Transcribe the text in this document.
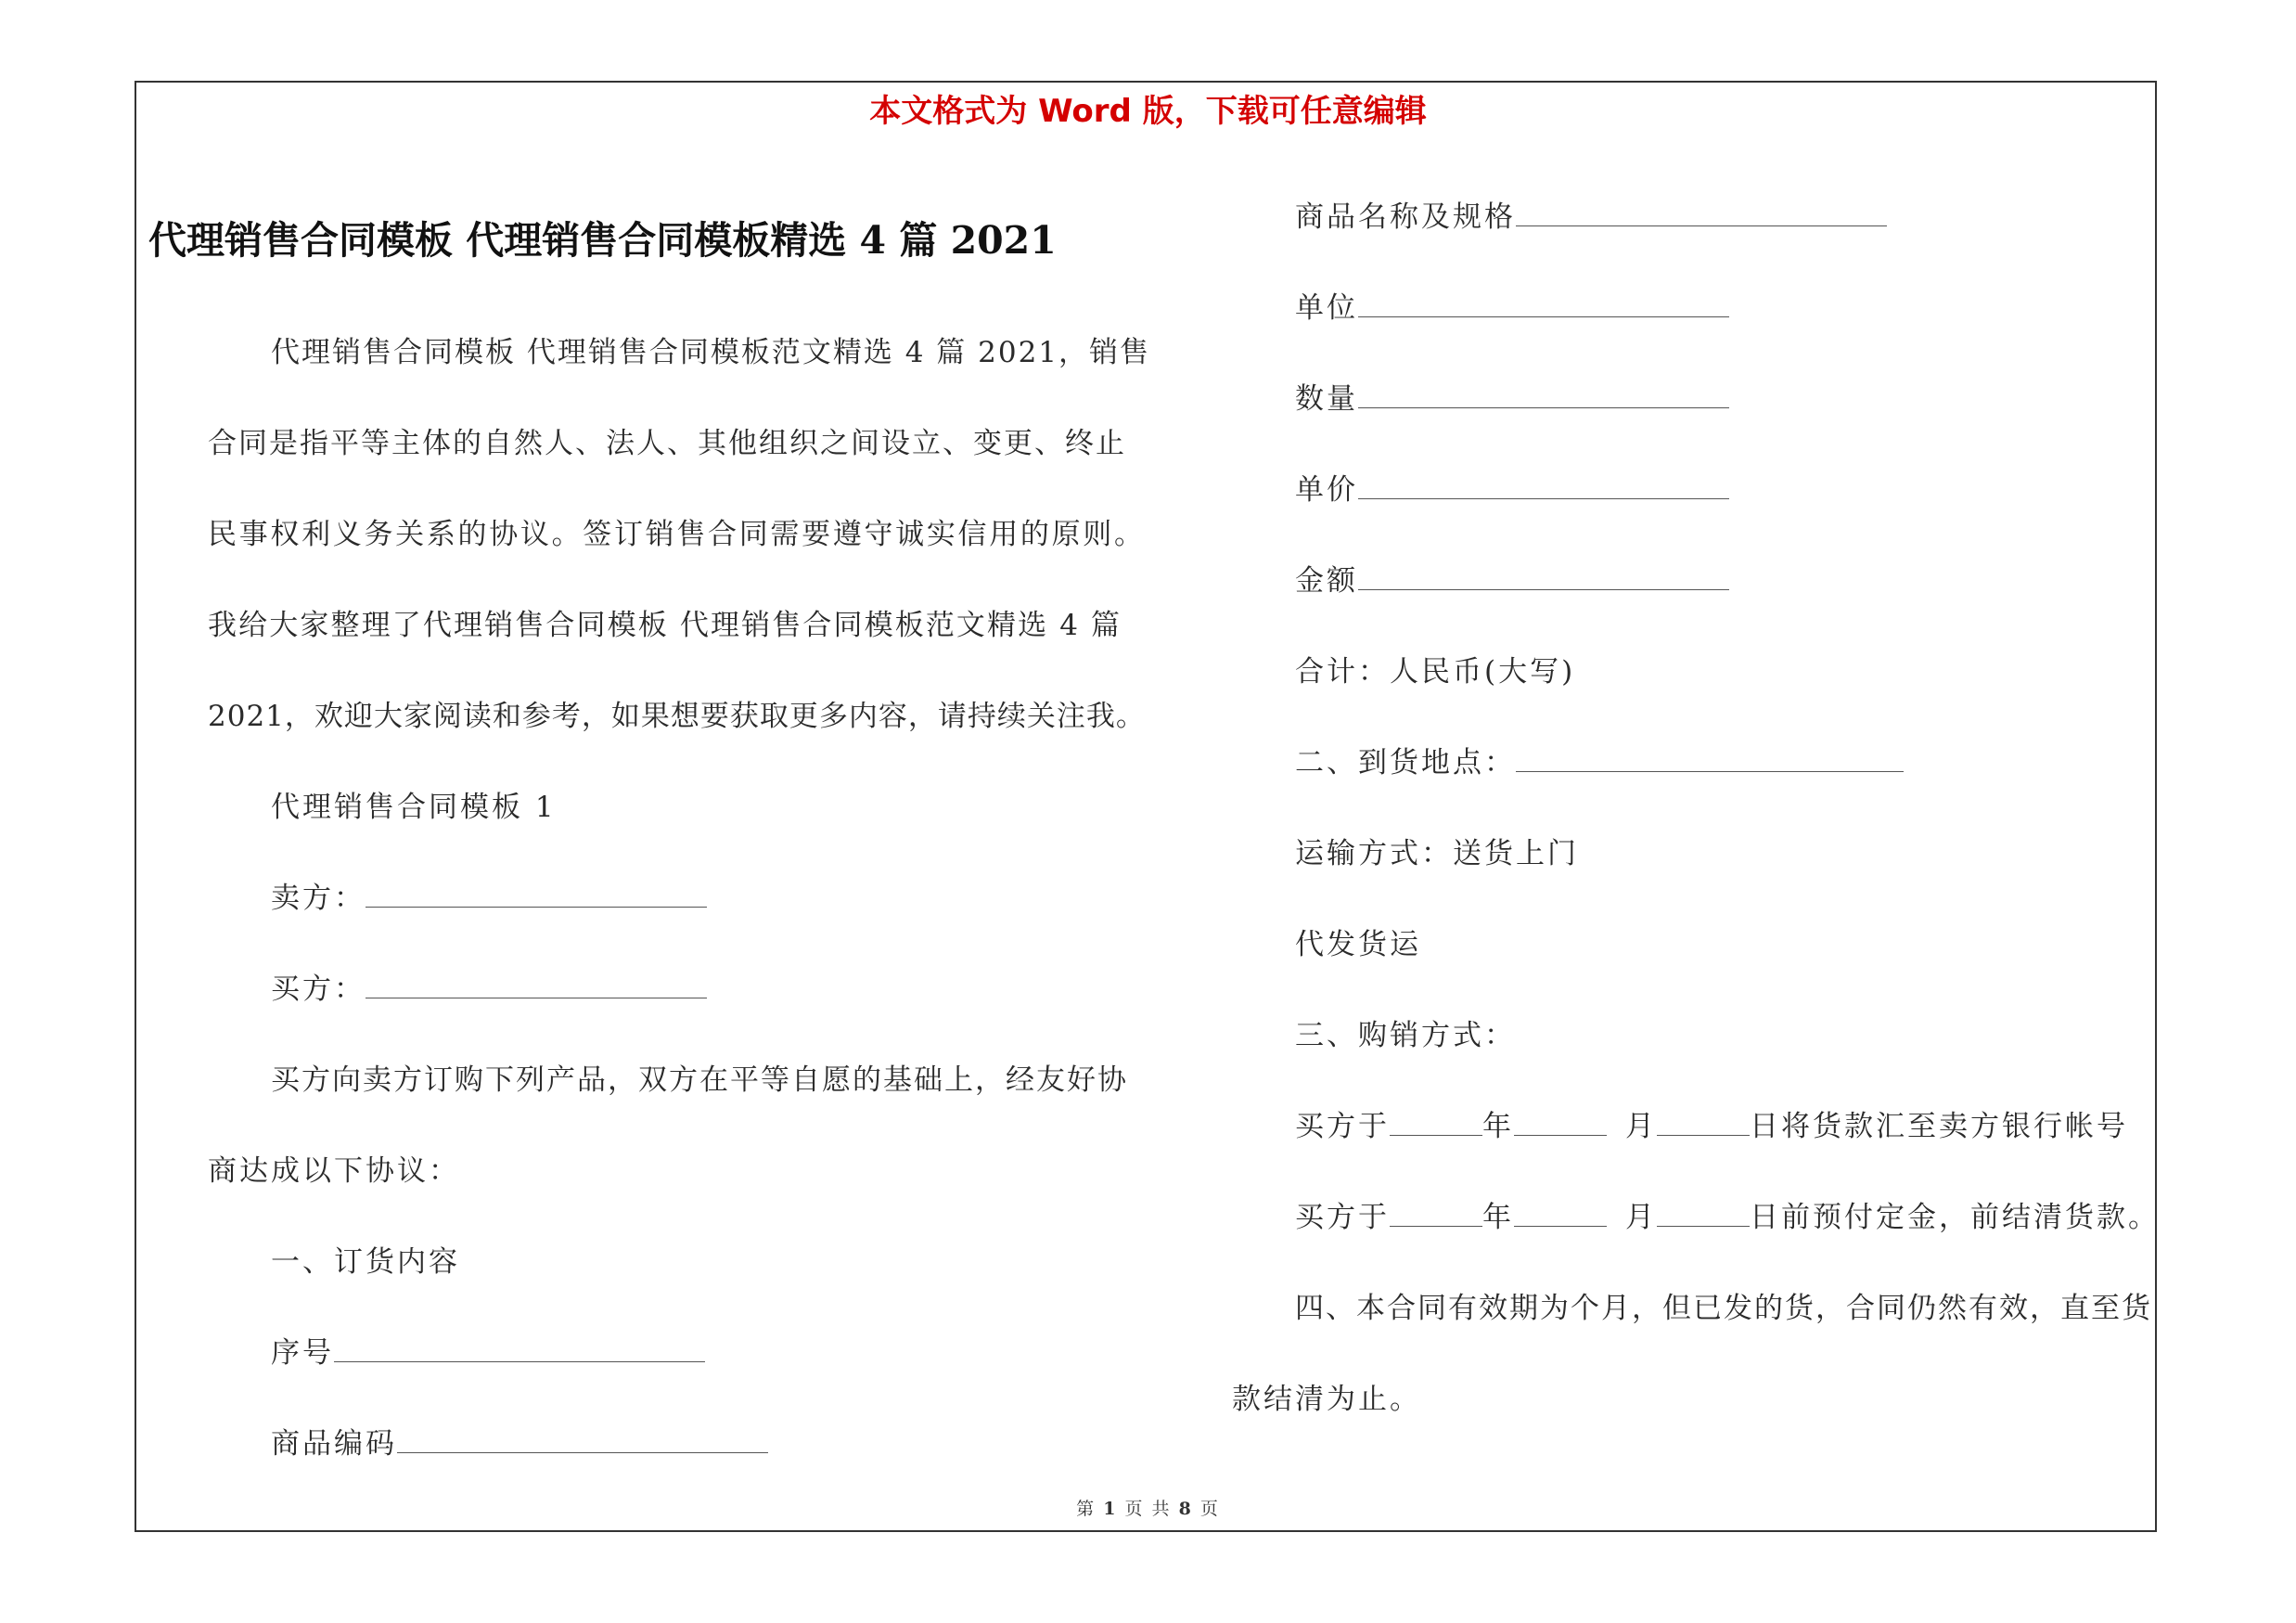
本文格式为 Word 版，下载可任意编辑
代理销售合同模板 代理销售合同模板精选 4 篇 2021
代理销售合同模板 代理销售合同模板范文精选 4 篇 2021，销售
合同是指平等主体的自然人、法人、其他组织之间设立、变更、终止
民事权利义务关系的协议。签订销售合同需要遵守诚实信用的原则。
我给大家整理了代理销售合同模板 代理销售合同模板范文精选 4 篇
2021，欢迎大家阅读和参考，如果想要获取更多内容，请持续关注我。
代理销售合同模板 1
卖方：
买方：
买方向卖方订购下列产品，双方在平等自愿的基础上，经友好协
商达成以下协议：
一、订货内容
序号
商品编码
商品名称及规格
单位
数量
单价
金额
合计：人民币(大写)
二、到货地点：
运输方式：送货上门
代发货运
三、购销方式：
买方于	年	月	日将货款汇至卖方银行帐号
买方于	年	月	日前预付定金，前结清货款。
四、本合同有效期为个月，但已发的货，合同仍然有效，直至货
款结清为止。
第 1 页 共 8 页
